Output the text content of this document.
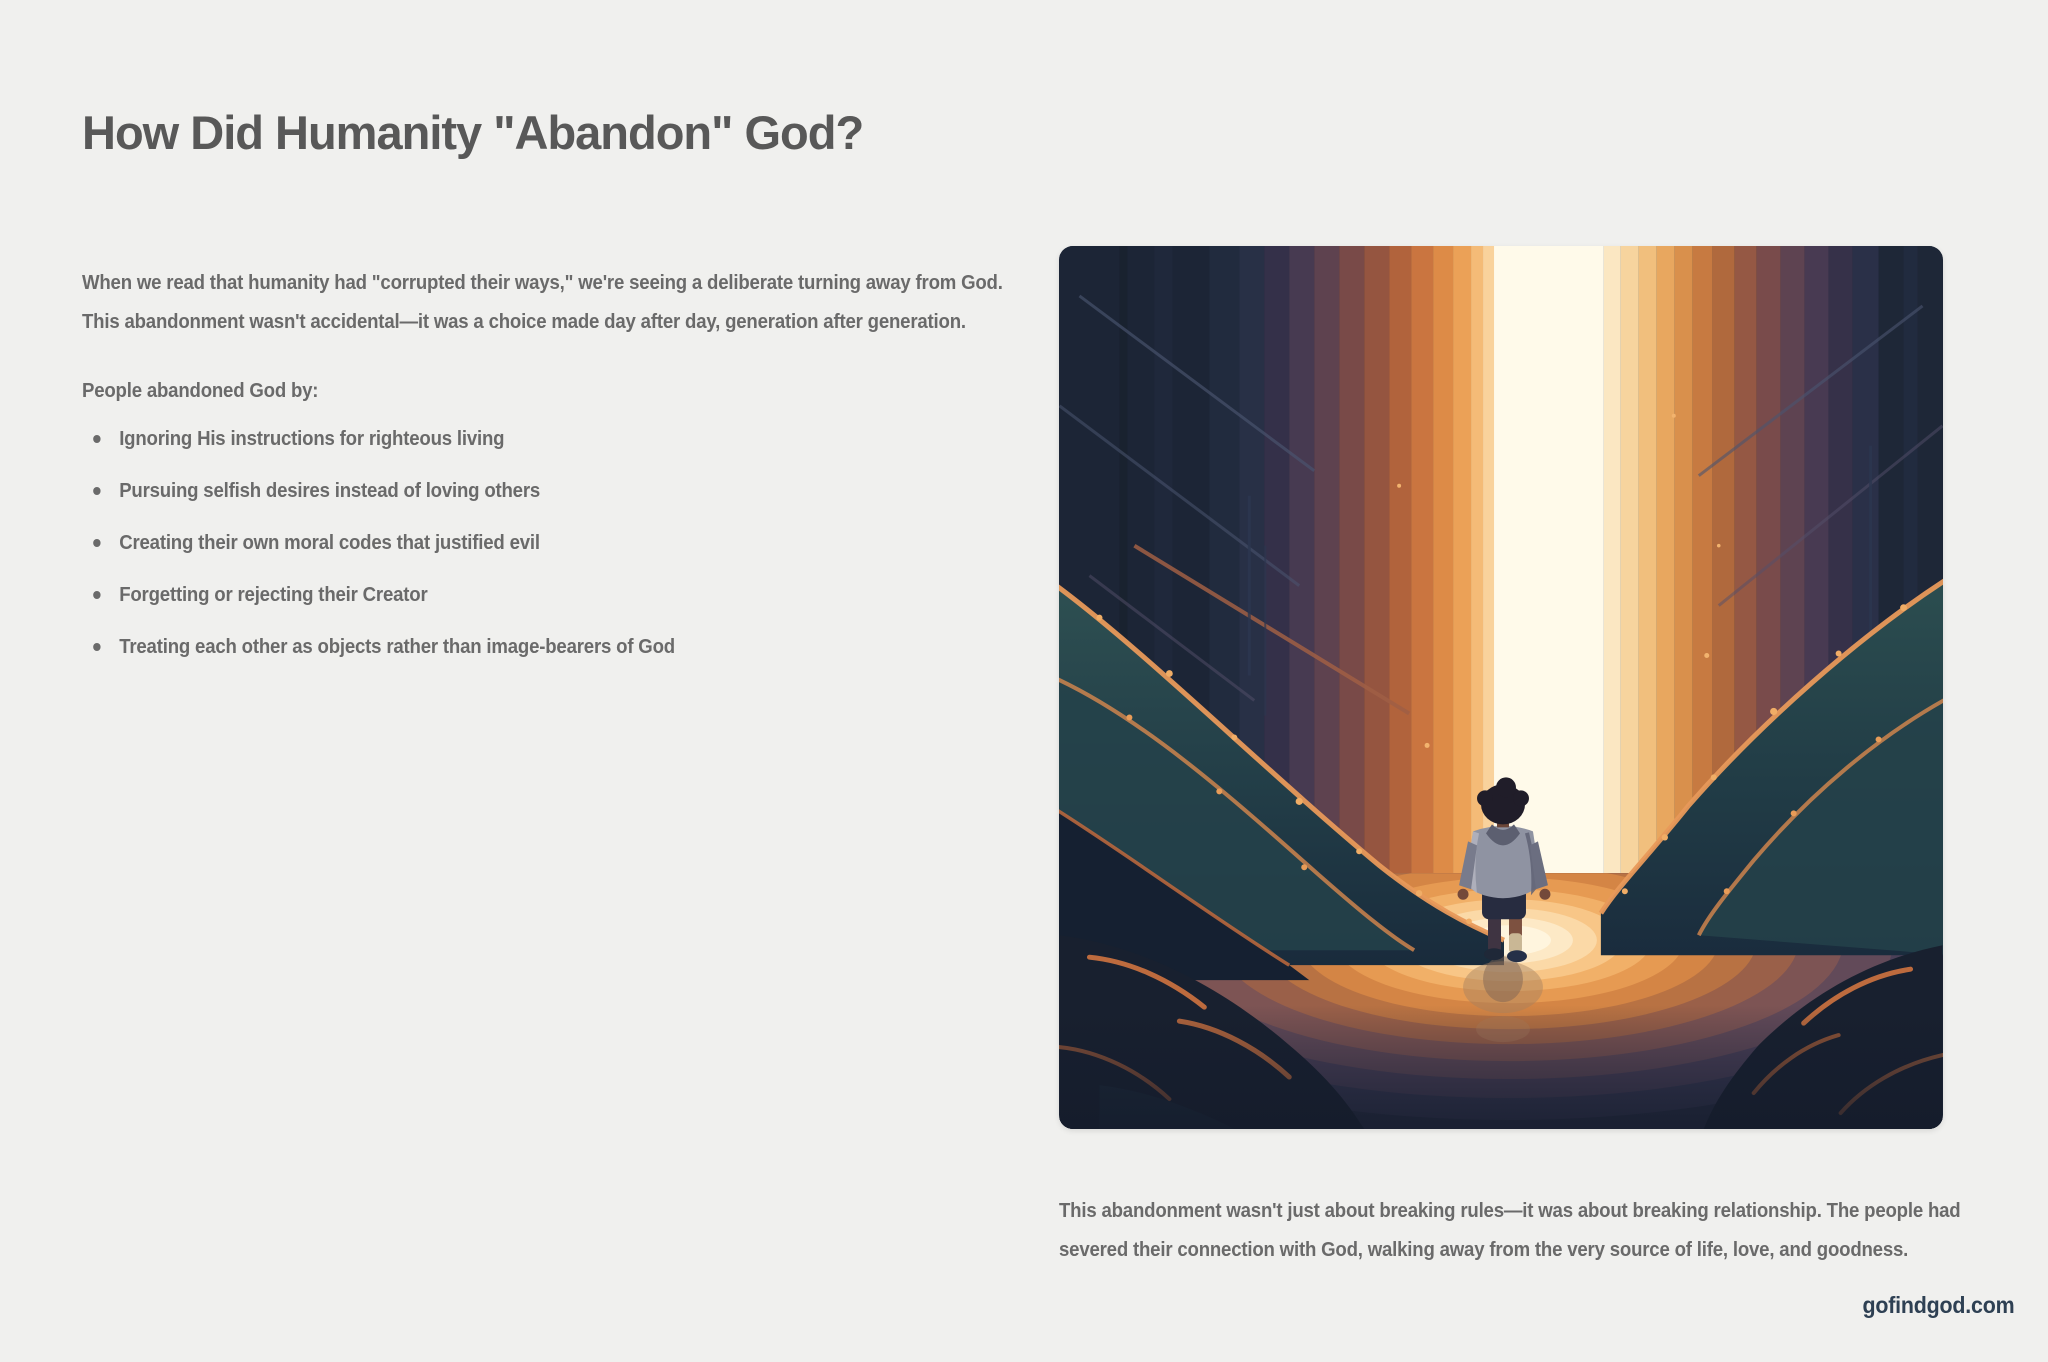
How Did Humanity "Abandon" God?

When we read that humanity had "corrupted their ways," we're seeing a deliberate turning away from God. This abandonment wasn't accidental—it was a choice made day after day, generation after generation.

People abandoned God by:

Ignoring His instructions for righteous living
Pursuing selfish desires instead of loving others
Creating their own moral codes that justified evil
Forgetting or rejecting their Creator
Treating each other as objects rather than image-bearers of God

This abandonment wasn't just about breaking rules—it was about breaking relationship. The people had severed their connection with God, walking away from the very source of life, love, and goodness.

gofindgod.com
